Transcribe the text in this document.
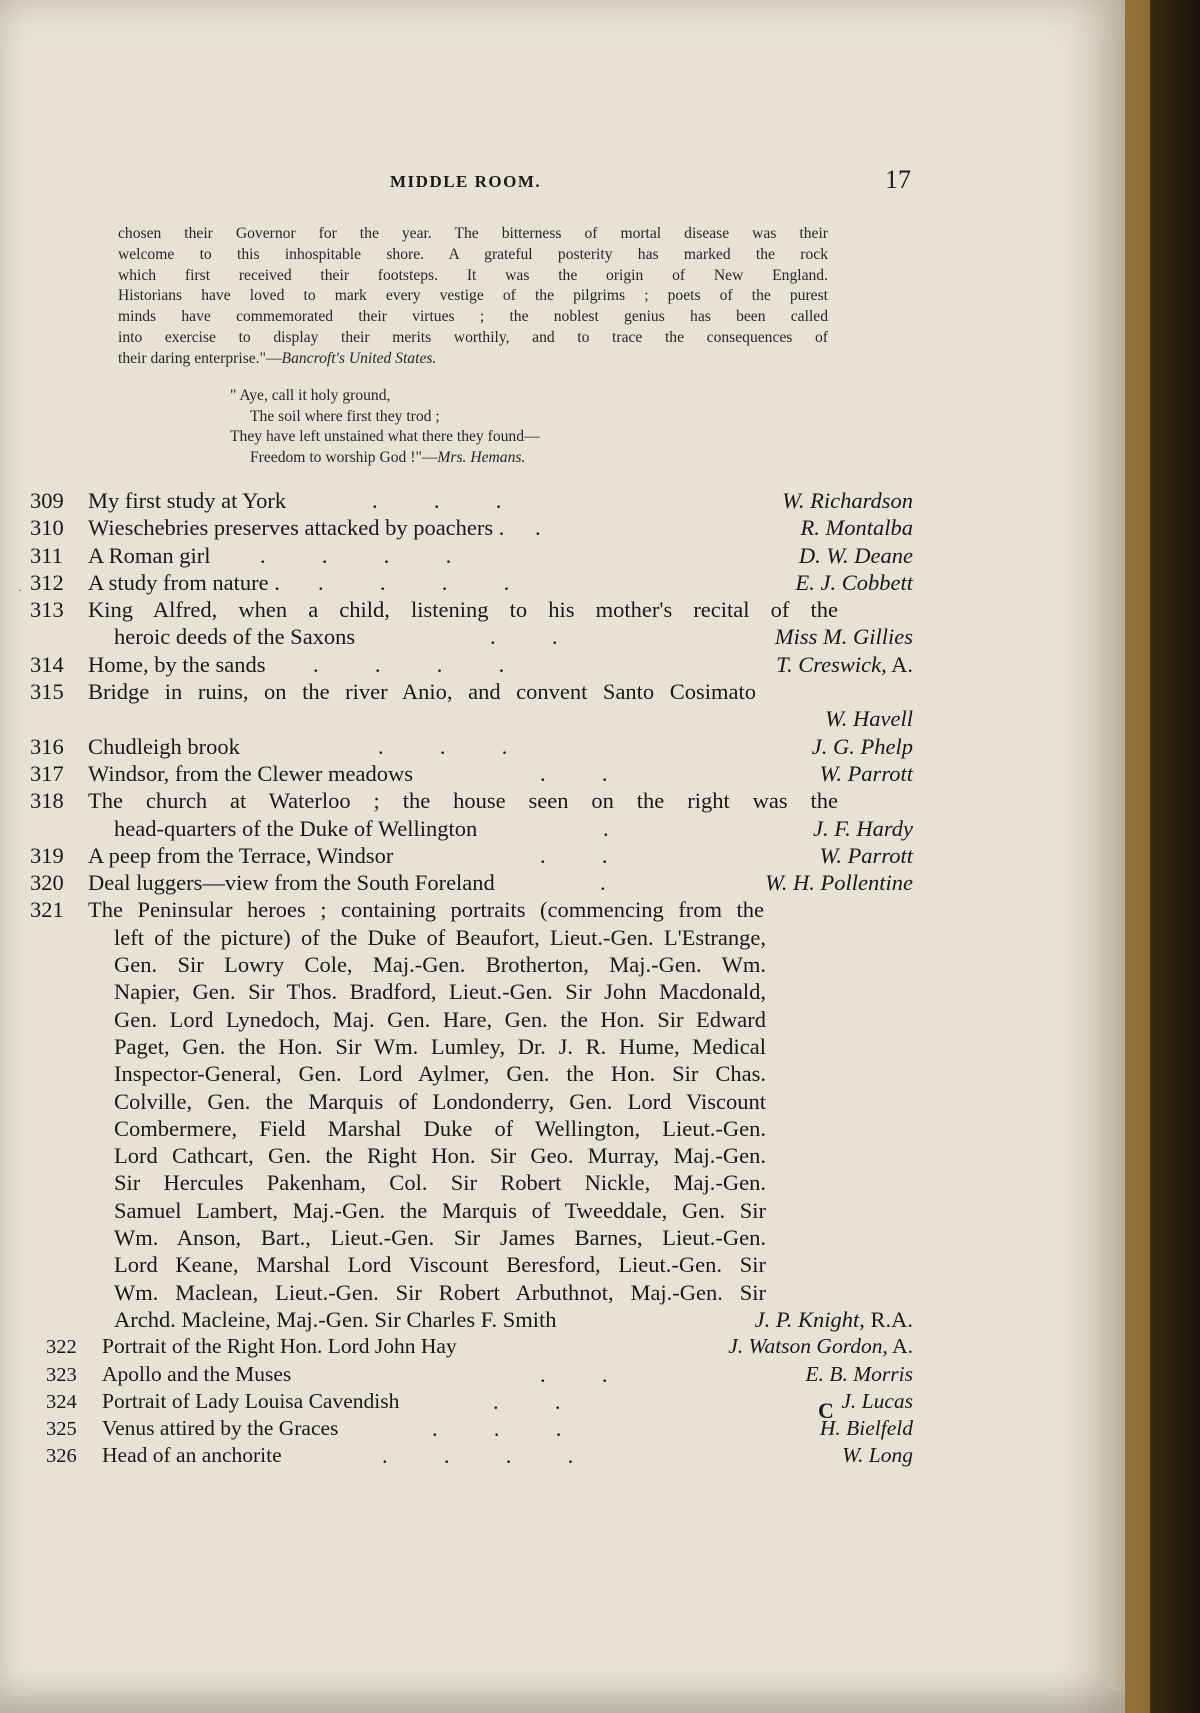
MIDDLE ROOM.	17
chosen their Governor for the year. The bitterness of mortal disease was their
welcome to this inhospitable shore. A grateful posterity has marked the rock
which first received their footsteps. It was the origin of New England.
Historians have loved to mark every vestige of the pilgrims ; poets of the purest
minds have commemorated their virtues ; the noblest genius has been called
into exercise to display their merits worthily, and to trace the consequences of
their daring enterprise."—Bancroft's United States.
" Aye, call it holy ground,
The soil where first they trod ;
They have left unstained what there they found—
Freedom to worship God !"—Mrs. Hemans.
309	My first study at York	.          .          .	W. Richardson
310	Wieschebries preserves attacked by poachers . .	R. Montalba
311	A Roman girl .          .          .          .	D. W. Deane
312	A study from nature . .          .          .          .	E. J. Cobbett
313	King Alfred, when a child, listening to his mother's recital of the
heroic deeds of the Saxons	.          .	Miss M. Gillies
314	Home, by the sands .          .          .          .	T. Creswick, A.
315	Bridge in ruins, on the river Anio, and convent Santo Cosimato
W. Havell
316	Chudleigh brook	.          .          .	J. G. Phelp
317	Windsor, from the Clewer meadows	.          .	W. Parrott
318	The church at Waterloo ; the house seen on the right was the
head-quarters of the Duke of Wellington	.	J. F. Hardy
319	A peep from the Terrace, Windsor	.          .	W. Parrott
320	Deal luggers—view from the South Foreland	.	W. H. Pollentine
321	The Peninsular heroes ; containing portraits (commencing from the
left of the picture) of the Duke of Beaufort, Lieut.-Gen. L'Estrange,
Gen. Sir Lowry Cole, Maj.-Gen. Brotherton, Maj.-Gen. Wm.
Napier, Gen. Sir Thos. Bradford, Lieut.-Gen. Sir John Macdonald,
Gen. Lord Lynedoch, Maj. Gen. Hare, Gen. the Hon. Sir Edward
Paget, Gen. the Hon. Sir Wm. Lumley, Dr. J. R. Hume, Medical
Inspector-General, Gen. Lord Aylmer, Gen. the Hon. Sir Chas.
Colville, Gen. the Marquis of Londonderry, Gen. Lord Viscount
Combermere, Field Marshal Duke of Wellington, Lieut.-Gen.
Lord Cathcart, Gen. the Right Hon. Sir Geo. Murray, Maj.-Gen.
Sir Hercules Pakenham, Col. Sir Robert Nickle, Maj.-Gen.
Samuel Lambert, Maj.-Gen. the Marquis of Tweeddale, Gen. Sir
Wm. Anson, Bart., Lieut.-Gen. Sir James Barnes, Lieut.-Gen.
Lord Keane, Marshal Lord Viscount Beresford, Lieut.-Gen. Sir
Wm. Maclean, Lieut.-Gen. Sir Robert Arbuthnot, Maj.-Gen. Sir
Archd. Macleine, Maj.-Gen. Sir Charles F. Smith	J. P. Knight, R.A.
322	Portrait of the Right Hon. Lord John Hay	J. Watson Gordon, A.
323	Apollo and the Muses	.          .	E. B. Morris
324	Portrait of Lady Louisa Cavendish	.          .	J. Lucas
325	Venus attired by the Graces	.          .          .	H. Bielfeld
326	Head of an anchorite	.          .          .          .	W. Long
·
C
